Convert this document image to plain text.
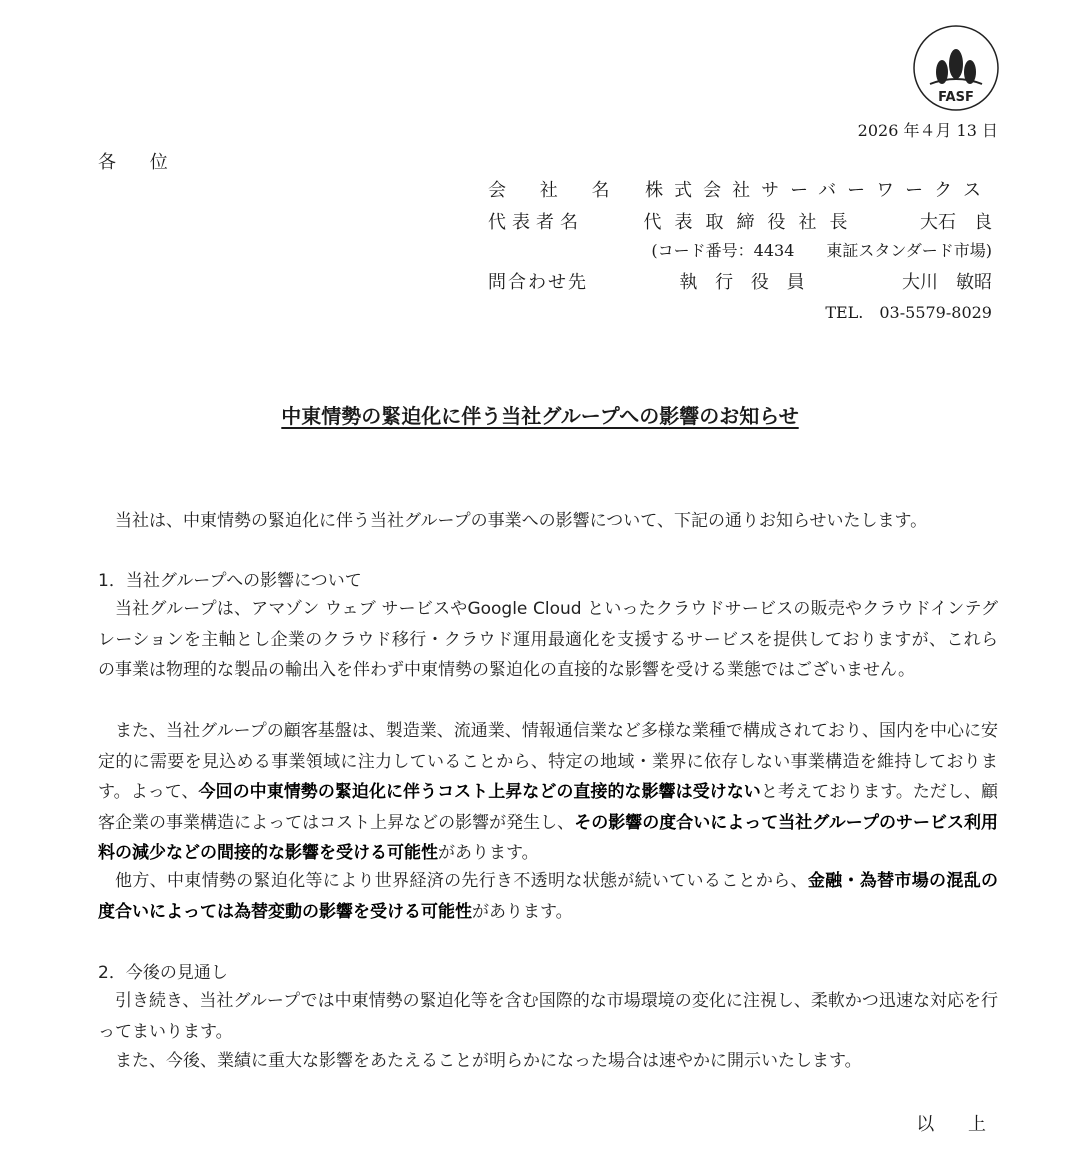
FASF
2026 年４月 13 日
各 位
会 社 名 株式会社サーバーワークス
代表者名	代表取締役社長	大石　良
(コード番号：4434　　東証スタンダード市場)
問合わせ先	執 行 役 員	大川　敏昭
TEL.　03-5579-8029
中東情勢の緊迫化に伴う当社グループへの影響のお知らせ
当社は、中東情勢の緊迫化に伴う当社グループの事業への影響について、下記の通りお知らせいたします。
1．当社グループへの影響について
当社グループは、アマゾン ウェブ サービスやGoogle Cloud といったクラウドサービスの販売やクラウドインテグレーションを主軸とし企業のクラウド移行・クラウド運用最適化を支援するサービスを提供しておりますが、これらの事業は物理的な製品の輸出入を伴わず中東情勢の緊迫化の直接的な影響を受ける業態ではございません。
また、当社グループの顧客基盤は、製造業、流通業、情報通信業など多様な業種で構成されており、国内を中心に安定的に需要を見込める事業領域に注力していることから、特定の地域・業界に依存しない事業構造を維持しております。よって、今回の中東情勢の緊迫化に伴うコスト上昇などの直接的な影響は受けないと考えております。ただし、顧客企業の事業構造によってはコスト上昇などの影響が発生し、その影響の度合いによって当社グループのサービス利用料の減少などの間接的な影響を受ける可能性があります。
他方、中東情勢の緊迫化等により世界経済の先行き不透明な状態が続いていることから、金融・為替市場の混乱の度合いによっては為替変動の影響を受ける可能性があります。
2．今後の見通し
引き続き、当社グループでは中東情勢の緊迫化等を含む国際的な市場環境の変化に注視し、柔軟かつ迅速な対応を行ってまいります。
また、今後、業績に重大な影響をあたえることが明らかになった場合は速やかに開示いたします。
以 上
